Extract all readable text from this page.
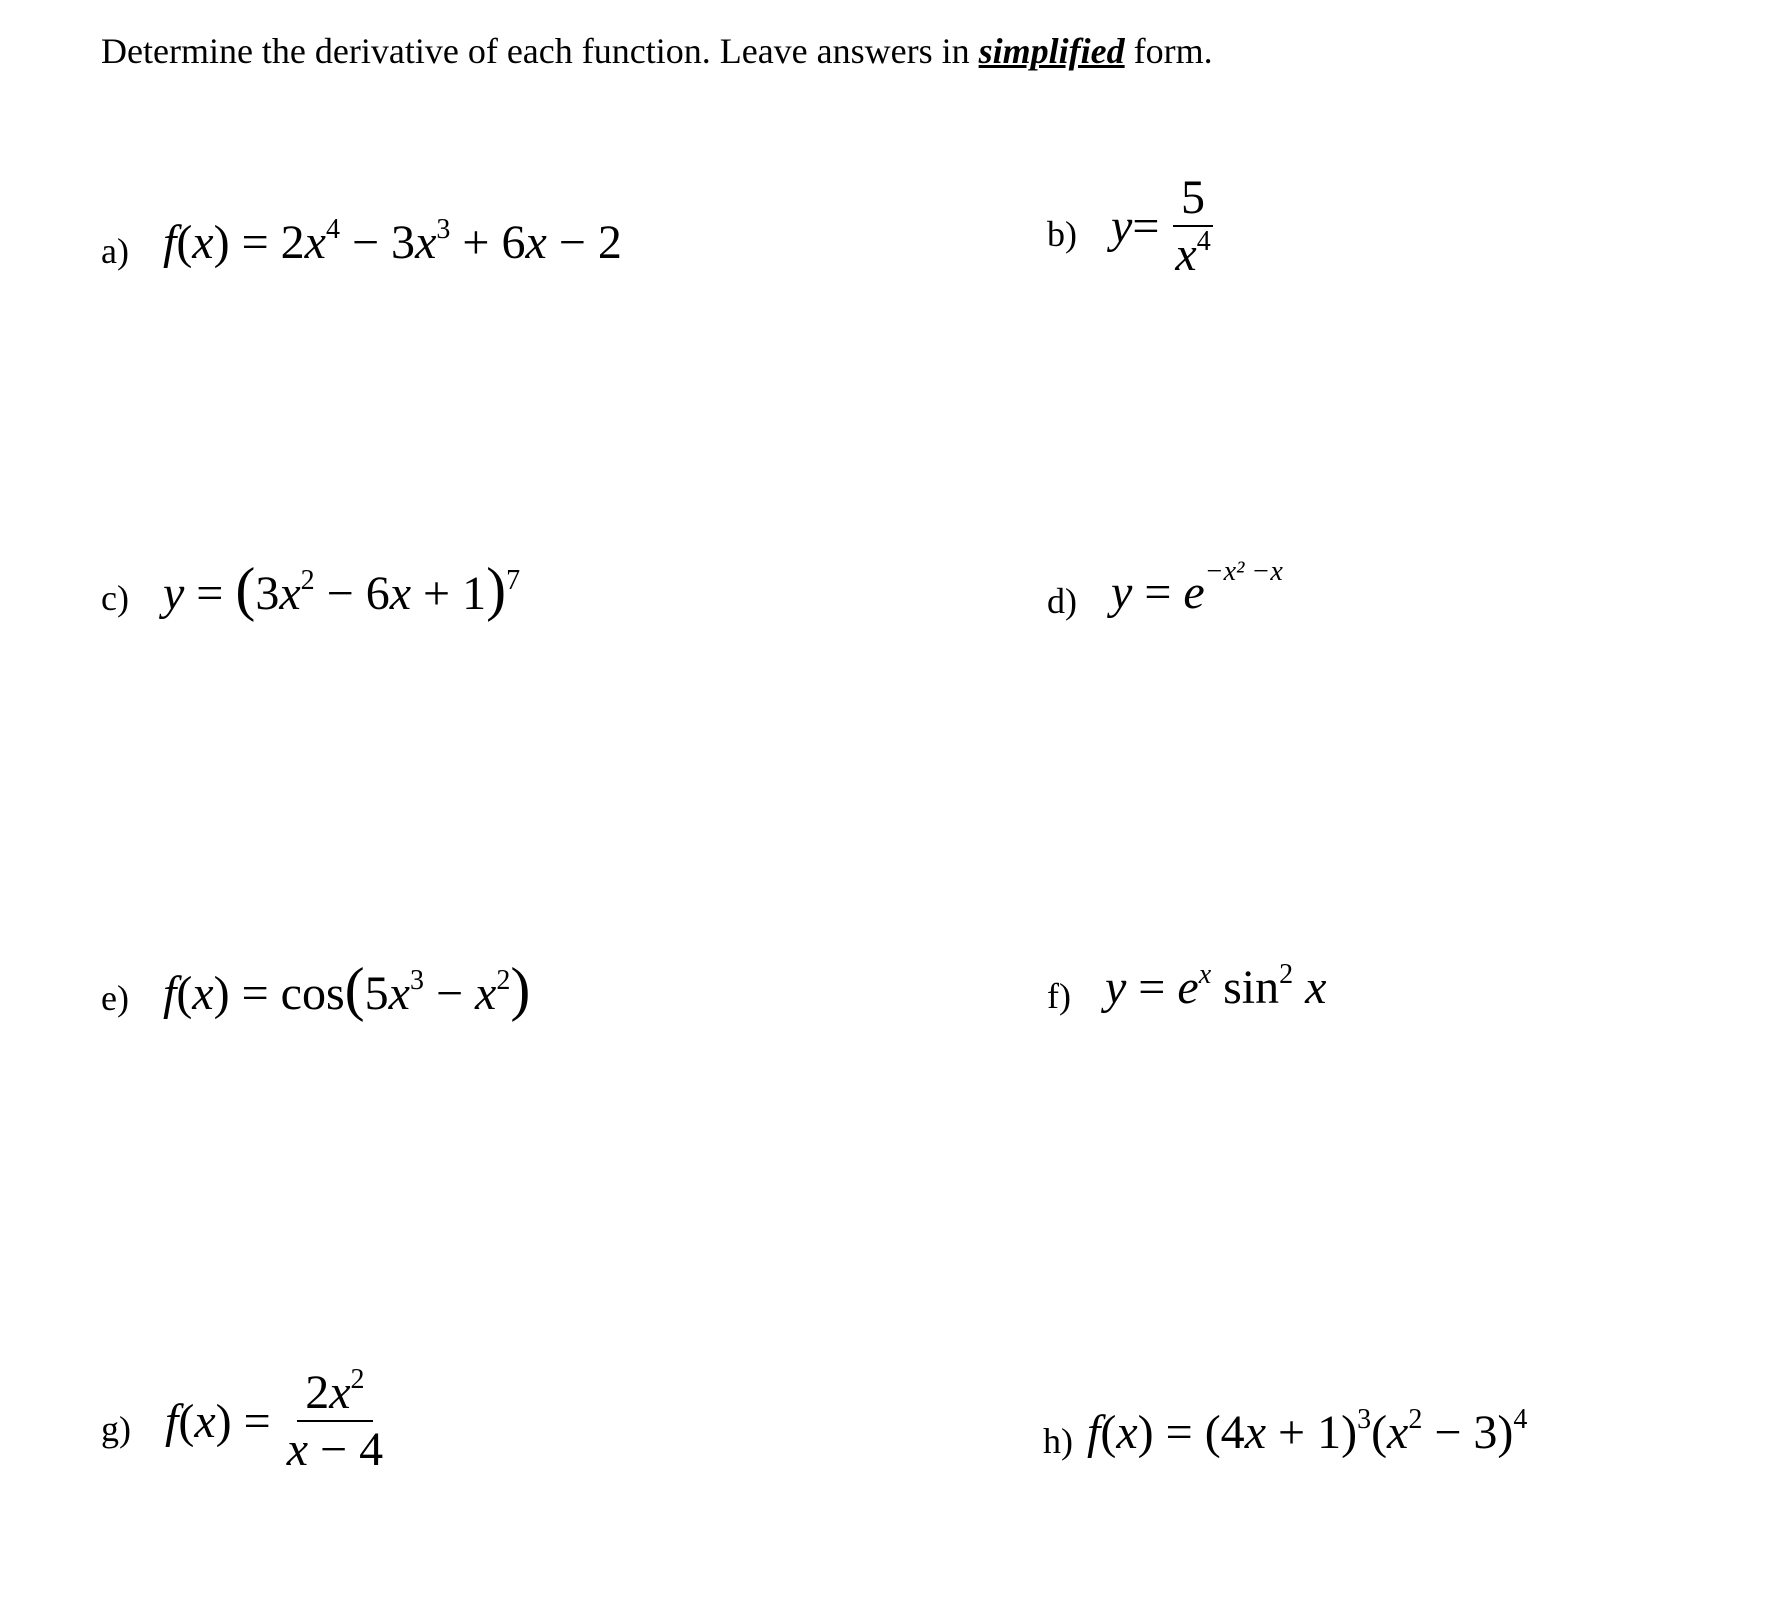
Determine the derivative of each function. Leave answers in simplified form.
a) $f(x) = 2x^4 - 3x^3 + 6x - 2$	b) $y = \frac{5}{x^4}$
c) $y = (3x^2 - 6x + 1)^7$	d) $y = e^{-x^2 -x}$
e) $f(x) = \cos(5x^3 - x^2)$	f) $y = e^x$ $\sin^2 x$
g) f ( x ) = $\frac{2x^2}{x - 4}$	h) $f(x) = (4x + 1)^3(x^2 - 3)^4$
